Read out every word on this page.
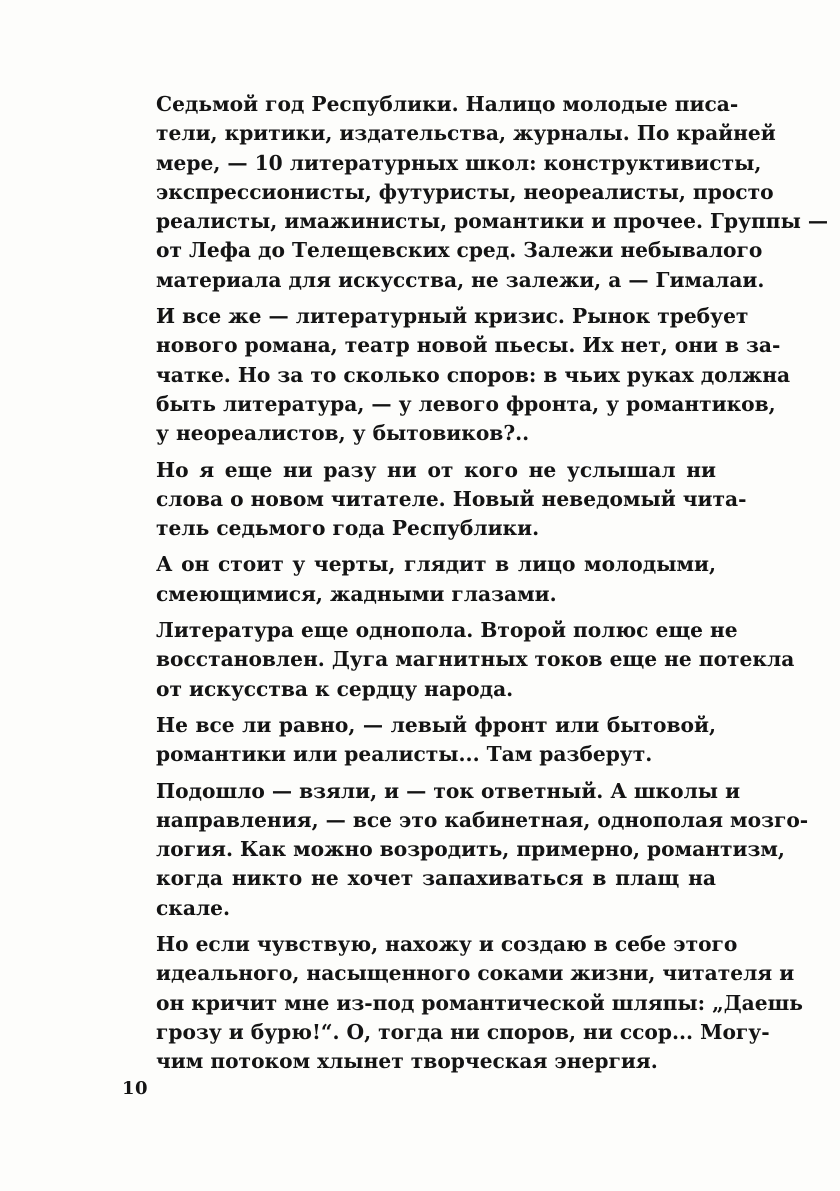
Седьмой год Республики. Налицо молодые писа-
тели, критики, издательства, журналы. По крайней
мере, — 10 литературных школ: конструктивисты,
экспрессионисты, футуристы, неореалисты, просто
реалисты, имажинисты, романтики и прочее. Группы —
от Лефа до Телещевских сред. Залежи небывалого
материала для искусства, не залежи, а — Гималаи.

И все же — литературный кризис. Рынок требует
нового романа, театр новой пьесы. Их нет, они в за-
чатке. Но за то сколько споров: в чьих руках должна
быть литература, — у левого фронта, у романтиков,
у неореалистов, у бытовиков?..

Но я еще ни разу ни от кого не услышал ни
слова о новом читателе. Новый неведомый чита-
тель седьмого года Республики.

А он стоит у черты, глядит в лицо молодыми,
смеющимися, жадными глазами.

Литература еще однопола. Второй полюс еще не
восстановлен. Дуга магнитных токов еще не потекла
от искусства к сердцу народа.

Не все ли равно, — левый фронт или бытовой,
романтики или реалисты... Там разберут.

Подошло — взяли, и — ток ответный. А школы и
направления, — все это кабинетная, однополая мозго-
логия. Как можно возродить, примерно, романтизм,
когда никто не хочет запахиваться в плащ на
скале.

Но если чувствую, нахожу и создаю в себе этого
идеального, насыщенного соками жизни, читателя и
он кричит мне из-под романтической шляпы: „Даешь
грозу и бурю!“. О, тогда ни споров, ни ссор... Могу-
чим потоком хлынет творческая энергия.

10
